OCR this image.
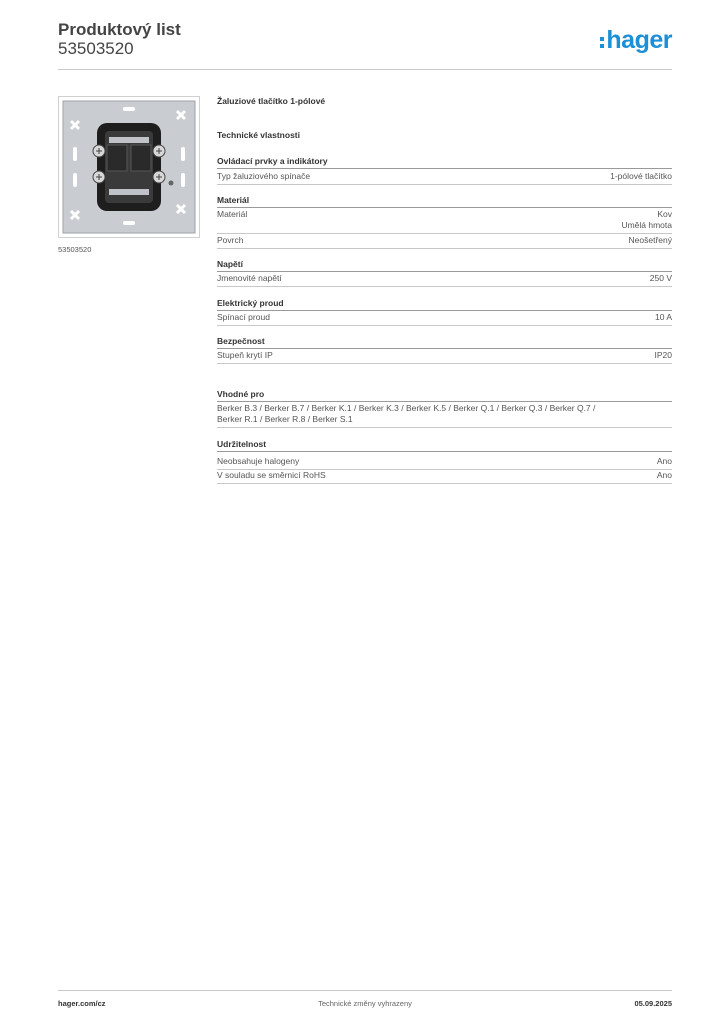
Produktový list
53503520	hager
53503520
Žaluziové tlačítko 1-pólové
Technické vlastnosti
Ovládací prvky a indikátory
Typ žaluziového spínače	1-pólové tlačítko
Materiál
Materiál	Kov
Umělá hmota
Povrch	Neošetřený
Napětí
Jmenovité napětí	250 V
Elektrický proud
Spínací proud	10 A
Bezpečnost
Stupeň krytí IP	IP20
Vhodné pro
Berker B.3 / Berker B.7 / Berker K.1 / Berker K.3 / Berker K.5 / Berker Q.1 / Berker Q.3 / Berker Q.7 /
Berker R.1 / Berker R.8 / Berker S.1
Udržitelnost
Neobsahuje halogeny	Ano
V souladu se směrnicí RoHS	Ano
hager.com/cz	Technické změny vyhrazeny	05.09.2025
